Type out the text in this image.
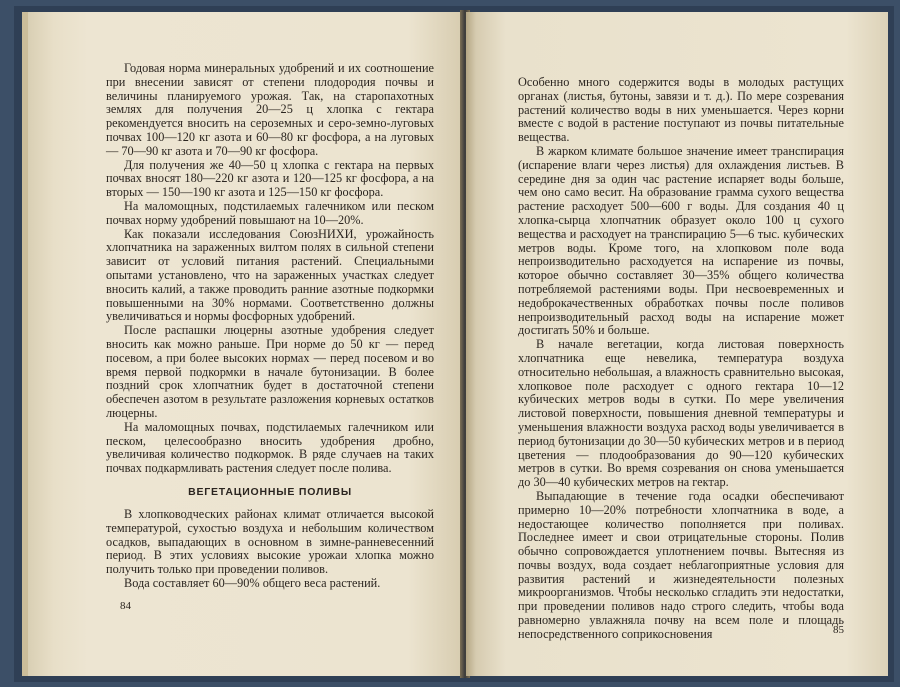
Годовая норма минеральных удобрений и их соотношение при внесении зависят от степени плодородия почвы и величины планируемого урожая. Так, на старопахотных землях для получения 20—25 ц хлопка с гектара рекомендуется вносить на сероземных и серо-земно-луговых почвах 100—120 кг азота и 60—80 кг фосфора, а на луговых — 70—90 кг азота и 70—90 кг фосфора.

Для получения же 40—50 ц хлопка с гектара на первых почвах вносят 180—220 кг азота и 120—125 кг фосфора, а на вторых — 150—190 кг азота и 125—150 кг фосфора.

На маломощных, подстилаемых галечником или песком почвах норму удобрений повышают на 10—20%.

Как показали исследования СоюзНИХИ, урожайность хлопчатника на зараженных вилтом полях в сильной степени зависит от условий питания растений. Специальными опытами установлено, что на зараженных участках следует вносить калий, а также проводить ранние азотные подкормки повышенными на 30% нормами. Соответственно должны увеличиваться и нормы фосфорных удобрений.

После распашки люцерны азотные удобрения следует вносить как можно раньше. При норме до 50 кг — перед посевом, а при более высоких нормах — перед посевом и во время первой подкормки в начале бутонизации. В более поздний срок хлопчатник будет в достаточной степени обеспечен азотом в результате разложения корневых остатков люцерны.

На маломощных почвах, подстилаемых галечником или песком, целесообразно вносить удобрения дробно, увеличивая количество подкормок. В ряде случаев на таких почвах подкармливать растения следует после полива.

ВЕГЕТАЦИОННЫЕ ПОЛИВЫ

В хлопководческих районах климат отличается высокой температурой, сухостью воздуха и небольшим количеством осадков, выпадающих в основном в зимне-ранневесенний период. В этих условиях высокие урожаи хлопка можно получить только при проведении поливов.

Вода составляет 60—90% общего веса растений.

84

Особенно много содержится воды в молодых растущих органах (листья, бутоны, завязи и т. д.). По мере созревания растений количество воды в них уменьшается. Через корни вместе с водой в растение поступают из почвы питательные вещества.

В жарком климате большое значение имеет транспирация (испарение влаги через листья) для охлаждения листьев. В середине дня за один час растение испаряет воды больше, чем оно само весит. На образование грамма сухого вещества растение расходует 500—600 г воды. Для создания 40 ц хлопка-сырца хлопчатник образует около 100 ц сухого вещества и расходует на транспирацию 5—6 тыс. кубических метров воды. Кроме того, на хлопковом поле вода непроизводительно расходуется на испарение из почвы, которое обычно составляет 30—35% общего количества потребляемой растениями воды. При несвоевременных и недоброкачественных обработках почвы после поливов непроизводительный расход воды на испарение может достигать 50% и больше.

В начале вегетации, когда листовая поверхность хлопчатника еще невелика, температура воздуха относительно небольшая, а влажность сравнительно высокая, хлопковое поле расходует с одного гектара 10—12 кубических метров воды в сутки. По мере увеличения листовой поверхности, повышения дневной температуры и уменьшения влажности воздуха расход воды увеличивается в период бутонизации до 30—50 кубических метров и в период цветения — плодообразования до 90—120 кубических метров в сутки. Во время созревания он снова уменьшается до 30—40 кубических метров на гектар.

Выпадающие в течение года осадки обеспечивают примерно 10—20% потребности хлопчатника в воде, а недостающее количество пополняется при поливах. Последнее имеет и свои отрицательные стороны. Полив обычно сопровождается уплотнением почвы. Вытесняя из почвы воздух, вода создает неблагоприятные условия для развития растений и жизнедеятельности полезных микроорганизмов. Чтобы несколько сгладить эти недостатки, при проведении поливов надо строго следить, чтобы вода равномерно увлажняла почву на всем поле и площадь непосредственного соприкосновения	85
